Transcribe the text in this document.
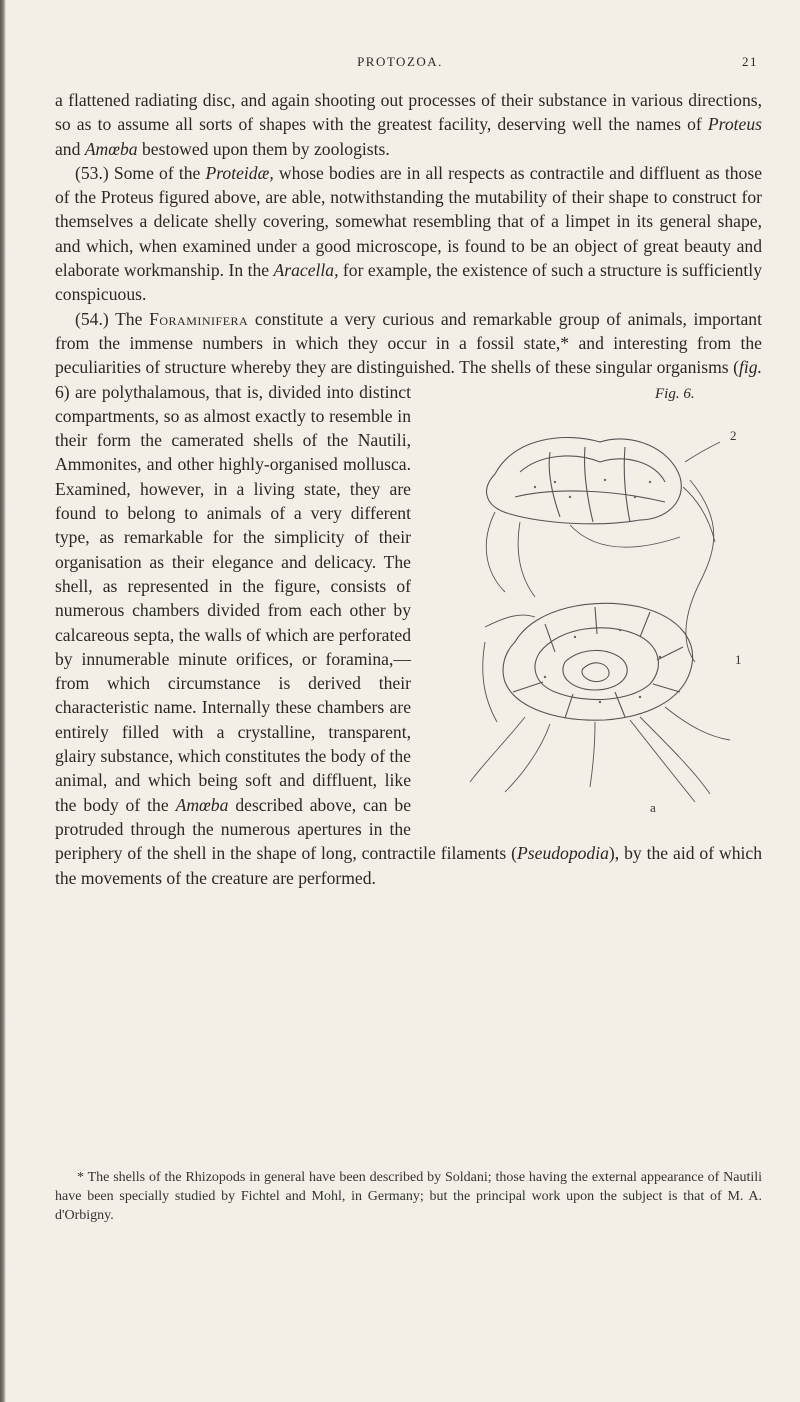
PROTOZOA.	21

a flattened radiating disc, and again shooting out processes of their substance in various directions, so as to assume all sorts of shapes with the greatest facility, deserving well the names of Proteus and Amœba bestowed upon them by zoologists.

(53.) Some of the Proteidæ, whose bodies are in all respects as contractile and diffluent as those of the Proteus figured above, are able, notwithstanding the mutability of their shape to construct for themselves a delicate shelly covering, somewhat resembling that of a limpet in its general shape, and which, when examined under a good microscope, is found to be an object of great beauty and elaborate workmanship. In the Aracella, for example, the existence of such a structure is sufficiently conspicuous.

(54.) The Foraminifera constitute a very curious and remarkable group of animals, important from the immense numbers in which they occur in a fossil state,* and interesting from the peculiarities of structure whereby they are distinguished. The shells of these singular organisms (fig.
Fig. 6.
2
1
a
6) are polythalamous, that is, divided into distinct compartments, so as almost exactly to resemble in their form the camerated shells of the Nautili, Ammonites, and other highly-organised mollusca. Examined, however, in a living state, they are found to belong to animals of a very different type, as remarkable for the simplicity of their organisation as their elegance and delicacy. The shell, as represented in the figure, consists of numerous chambers divided from each other by calcareous septa, the walls of which are perforated by innumerable minute orifices, or foramina,—from which circumstance is derived their characteristic name. Internally these chambers are entirely filled with a crystalline, transparent, glairy substance, which constitutes the body of the animal, and which being soft and diffluent, like the body of the Amœba described above, can be protruded through the numerous apertures in the periphery of the shell in the shape of long, contractile filaments (Pseudopodia), by the aid of which the movements of the creature are performed.

* The shells of the Rhizopods in general have been described by Soldani; those having the external appearance of Nautili have been specially studied by Fichtel and Mohl, in Germany; but the principal work upon the subject is that of M. A. d'Orbigny.
